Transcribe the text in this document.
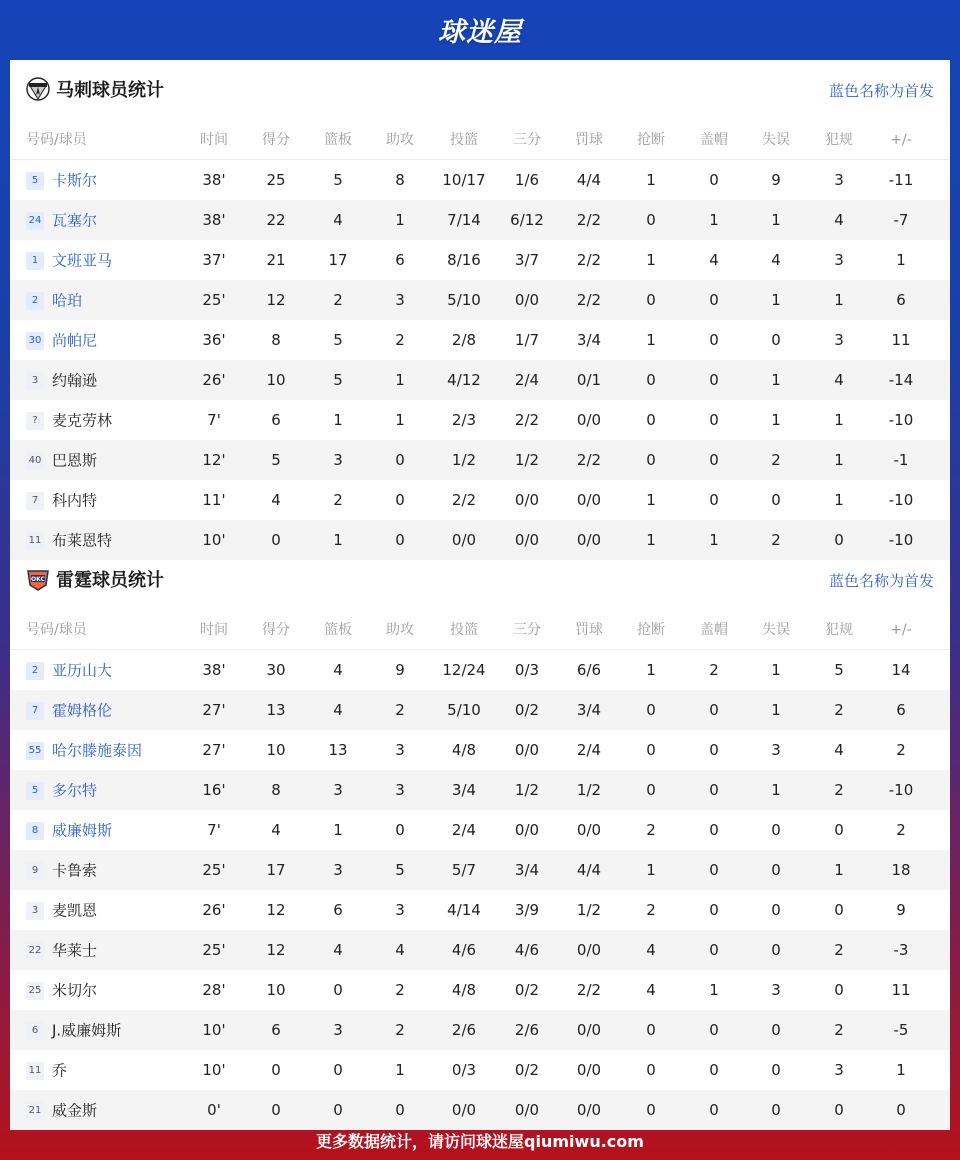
球迷屋
马刺球员统计	蓝色名称为首发
号码/球员	时间	得分	篮板	助攻	投篮	三分	罚球	抢断	盖帽	失误	犯规	+/-
5 卡斯尔	38'	25	5	8	10/17	1/6	4/4	1	0	9	3	-11
24 瓦塞尔	38'	22	4	1	7/14	6/12	2/2	0	1	1	4	-7
1 文班亚马	37'	21	17	6	8/16	3/7	2/2	1	4	4	3	1
2 哈珀	25'	12	2	3	5/10	0/0	2/2	0	0	1	1	6
30 尚帕尼	36'	8	5	2	2/8	1/7	3/4	1	0	0	3	11
3 约翰逊	26'	10	5	1	4/12	2/4	0/1	0	0	1	4	-14
? 麦克劳林	7'	6	1	1	2/3	2/2	0/0	0	0	1	1	-10
40 巴恩斯	12'	5	3	0	1/2	1/2	2/2	0	0	2	1	-1
7 科内特	11'	4	2	0	2/2	0/0	0/0	1	0	0	1	-10
11 布莱恩特	10'	0	1	0	0/0	0/0	0/0	1	1	2	0	-10
OKC 雷霆球员统计	蓝色名称为首发
号码/球员	时间	得分	篮板	助攻	投篮	三分	罚球	抢断	盖帽	失误	犯规	+/-
2 亚历山大	38'	30	4	9	12/24	0/3	6/6	1	2	1	5	14
7 霍姆格伦	27'	13	4	2	5/10	0/2	3/4	0	0	1	2	6
55 哈尔滕施泰因	27'	10	13	3	4/8	0/0	2/4	0	0	3	4	2
5 多尔特	16'	8	3	3	3/4	1/2	1/2	0	0	1	2	-10
8 威廉姆斯	7'	4	1	0	2/4	0/0	0/0	2	0	0	0	2
9 卡鲁索	25'	17	3	5	5/7	3/4	4/4	1	0	0	1	18
3 麦凯恩	26'	12	6	3	4/14	3/9	1/2	2	0	0	0	9
22 华莱士	25'	12	4	4	4/6	4/6	0/0	4	0	0	2	-3
25 米切尔	28'	10	0	2	4/8	0/2	2/2	4	1	3	0	11
6 J.威廉姆斯	10'	6	3	2	2/6	2/6	0/0	0	0	0	2	-5
11 乔	10'	0	0	1	0/3	0/2	0/0	0	0	0	3	1
21 威金斯	0'	0	0	0	0/0	0/0	0/0	0	0	0	0	0
更多数据统计，请访问球迷屋qiumiwu.com
